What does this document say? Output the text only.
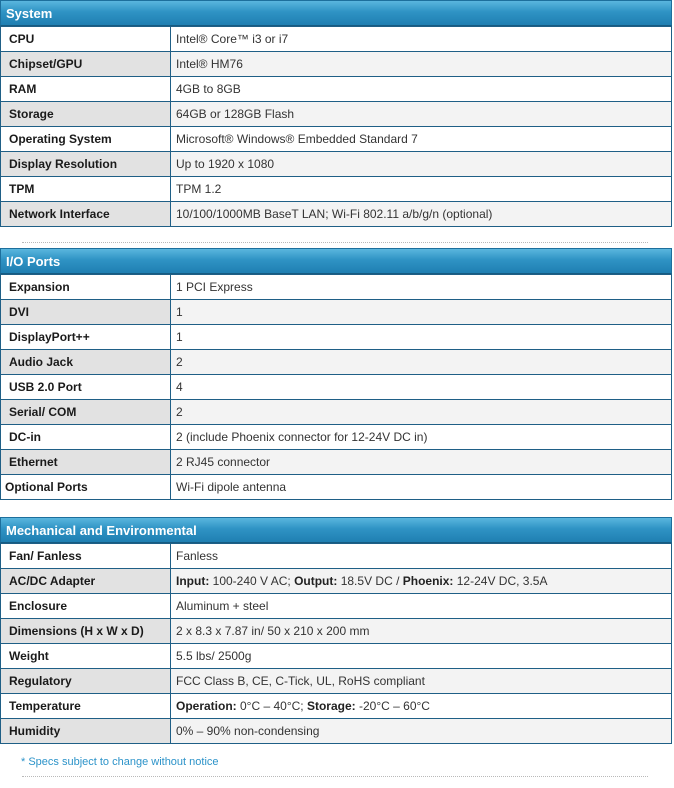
System
CPU	Intel® Core™ i3 or i7
Chipset/GPU	Intel® HM76
RAM	4GB to 8GB
Storage	64GB or 128GB Flash
Operating System	Microsoft® Windows® Embedded Standard 7
Display Resolution	Up to 1920 x 1080
TPM	TPM 1.2
Network Interface	10/100/1000MB BaseT LAN; Wi-Fi 802.11 a/b/g/n (optional)
I/O Ports
Expansion	1 PCI Express
DVI	1
DisplayPort++	1
Audio Jack	2
USB 2.0 Port	4
Serial/ COM	2
DC-in	2 (include Phoenix connector for 12-24V DC in)
Ethernet	2 RJ45 connector
Optional Ports	Wi-Fi dipole antenna
Mechanical and Environmental
Fan/ Fanless	Fanless
AC/DC Adapter	Input: 100-240 V AC; Output: 18.5V DC / Phoenix: 12-24V DC, 3.5A
Enclosure	Aluminum + steel
Dimensions (H x W x D)	2 x 8.3 x 7.87 in/ 50 x 210 x 200 mm
Weight	5.5 lbs/ 2500g
Regulatory	FCC Class B, CE, C-Tick, UL, RoHS compliant
Temperature	Operation: 0°C – 40°C; Storage: -20°C – 60°C
Humidity	0% – 90% non-condensing
* Specs subject to change without notice
